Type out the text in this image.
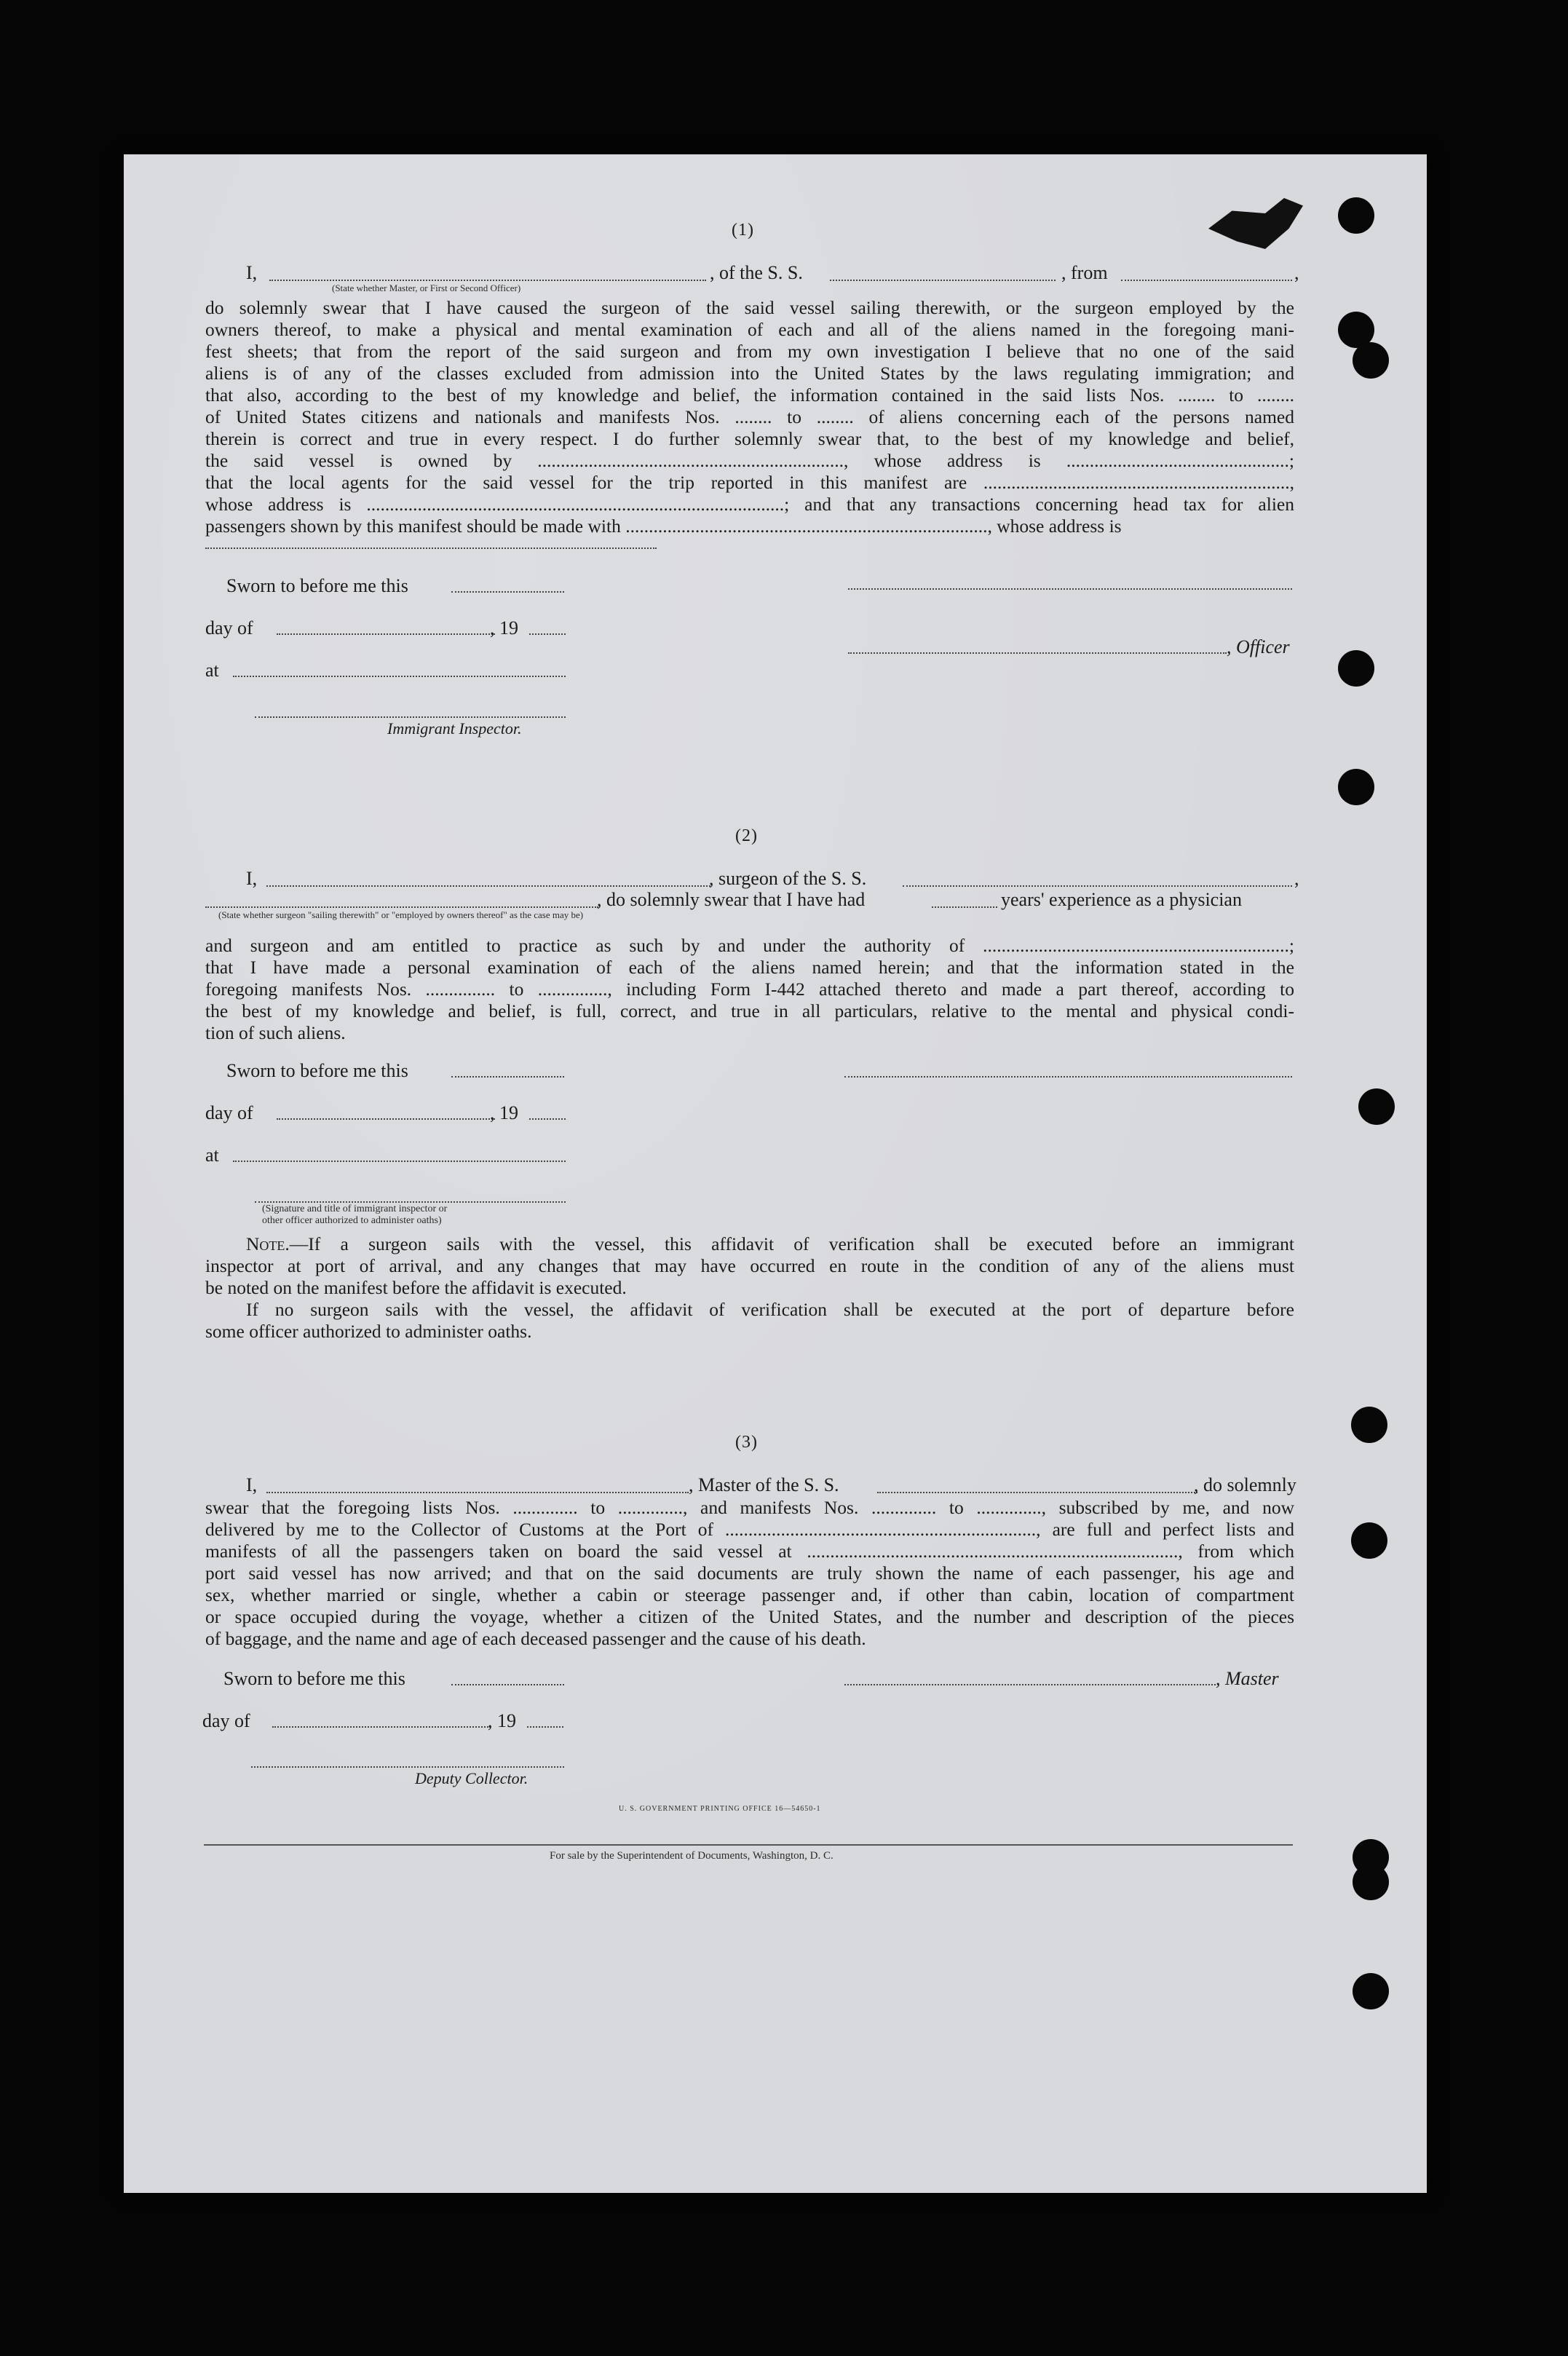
(1)
I,	, of the S. S.	, from	,
(State whether Master, or First or Second Officer)
do solemnly swear that I have caused the surgeon of the said vessel sailing therewith, or the surgeon employed by the
owners thereof, to make a physical and mental examination of each and all of the aliens named in the foregoing mani-
fest sheets; that from the report of the said surgeon and from my own investigation I believe that no one of the said
aliens is of any of the classes excluded from admission into the United States by the laws regulating immigration; and
that also, according to the best of my knowledge and belief, the information contained in the said lists Nos. ........ to ........
of United States citizens and nationals and manifests Nos. ........ to ........ of aliens concerning each of the persons named
therein is correct and true in every respect. I do further solemnly swear that, to the best of my knowledge and belief,
the said vessel is owned by .................................................................., whose address is ................................................;
that the local agents for the said vessel for the trip reported in this manifest are ..................................................................,
whose address is ..........................................................................................; and that any transactions concerning head tax for alien
passengers shown by this manifest should be made with .............................................................................., whose address is
Sworn to before me this
day of	, 19
at
Immigrant Inspector.
, Officer
(2)
I,	, surgeon of the S. S.	,
, do solemnly swear that I have had	years' experience as a physician
(State whether surgeon "sailing therewith" or "employed by owners thereof" as the case may be)
and surgeon and am entitled to practice as such by and under the authority of ..................................................................;
that I have made a personal examination of each of the aliens named herein; and that the information stated in the
foregoing manifests Nos. ............... to ..............., including Form I-442 attached thereto and made a part thereof, according to
the best of my knowledge and belief, is full, correct, and true in all particulars, relative to the mental and physical condi-
tion of such aliens.
Sworn to before me this
day of	, 19
at
(Signature and title of immigrant inspector or
other officer authorized to administer oaths)
Note.—If a surgeon sails with the vessel, this affidavit of verification shall be executed before an immigrant
inspector at port of arrival, and any changes that may have occurred en route in the condition of any of the aliens must
be noted on the manifest before the affidavit is executed.
If no surgeon sails with the vessel, the affidavit of verification shall be executed at the port of departure before
some officer authorized to administer oaths.
(3)
I,	, Master of the S. S.	, do solemnly
swear that the foregoing lists Nos. .............. to .............., and manifests Nos. .............. to .............., subscribed by me, and now
delivered by me to the Collector of Customs at the Port of ..................................................................., are full and perfect lists and
manifests of all the passengers taken on board the said vessel at ................................................................................, from which
port said vessel has now arrived; and that on the said documents are truly shown the name of each passenger, his age and
sex, whether married or single, whether a cabin or steerage passenger and, if other than cabin, location of compartment
or space occupied during the voyage, whether a citizen of the United States, and the number and description of the pieces
of baggage, and the name and age of each deceased passenger and the cause of his death.
Sworn to before me this	, Master
day of	, 19
Deputy Collector.
U. S. GOVERNMENT PRINTING OFFICE 16—54650-1
For sale by the Superintendent of Documents, Washington, D. C.
